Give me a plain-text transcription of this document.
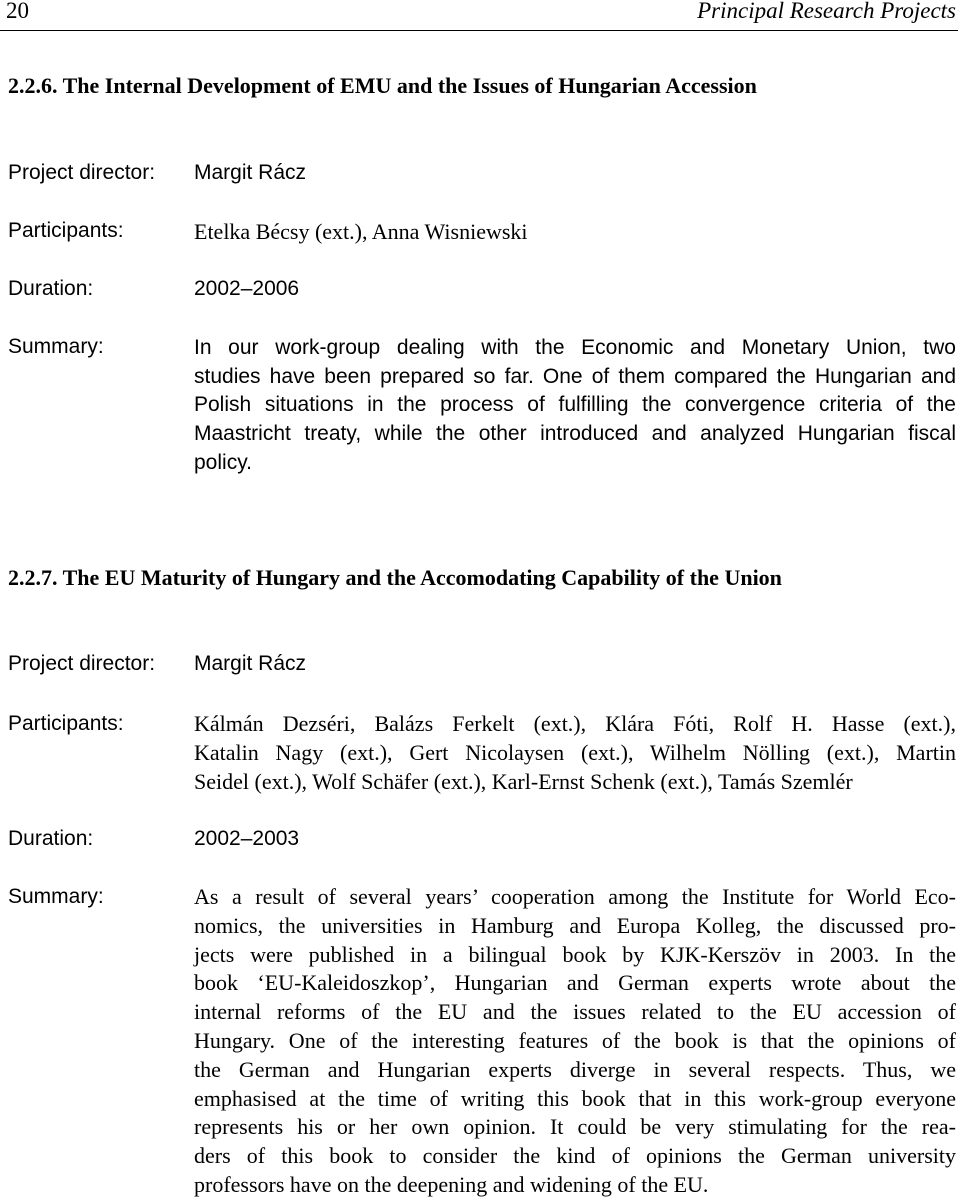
20	Principal Research Projects
2.2.6. The Internal Development of EMU and the Issues of Hungarian Accession
Project director: Margit Rácz
Participants:	Etelka Bécsy (ext.), Anna Wisniewski
Duration:	2002–2006
Summary:	In our work-group dealing with the Economic and Monetary Union, two
studies have been prepared so far. One of them compared the Hungarian and
Polish situations in the process of fulfilling the convergence criteria of the
Maastricht treaty, while the other introduced and analyzed Hungarian fiscal
policy.
2.2.7. The EU Maturity of Hungary and the Accomodating Capability of the Union
Project director: Margit Rácz
Participants:	Kálmán Dezséri, Balázs Ferkelt (ext.), Klára Fóti, Rolf H. Hasse (ext.),
Katalin Nagy (ext.), Gert Nicolaysen (ext.), Wilhelm Nölling (ext.), Martin
Seidel (ext.), Wolf Schäfer (ext.), Karl-Ernst Schenk (ext.), Tamás Szemlér
Duration:	2002–2003
Summary:	As a result of several years’ cooperation among the Institute for World Eco-
nomics, the universities in Hamburg and Europa Kolleg, the discussed pro-
jects were published in a bilingual book by KJK-Kerszöv in 2003. In the
book ‘EU-Kaleidoszkop’, Hungarian and German experts wrote about the
internal reforms of the EU and the issues related to the EU accession of
Hungary. One of the interesting features of the book is that the opinions of
the German and Hungarian experts diverge in several respects. Thus, we
emphasised at the time of writing this book that in this work-group everyone
represents his or her own opinion. It could be very stimulating for the rea-
ders of this book to consider the kind of opinions the German university
professors have on the deepening and widening of the EU.
